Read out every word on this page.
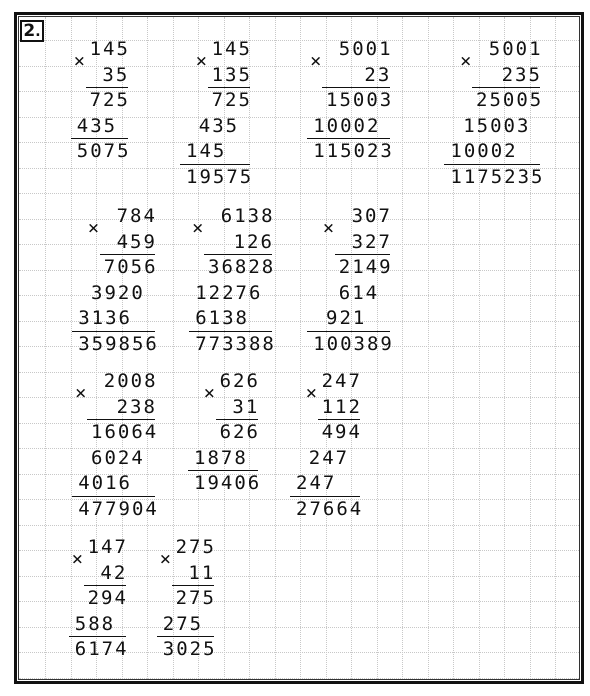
2.
145
35
×
725
435
5075
145
135
×
725
435
145
19575
5001
23
×
15003
10002
115023
5001
235
×
25005
15003
10002
1175235
784
459
×
7056
3920
3136
359856
6138
126
×
36828
12276
6138
773388
307
327
×
2149
614
921
100389
2008
238
×
16064
6024
4016
477904
626
31
×
626
1878
19406
247
112
×
494
247
247
27664
147
42
×
294
588
6174
275
11
×
275
275
3025
